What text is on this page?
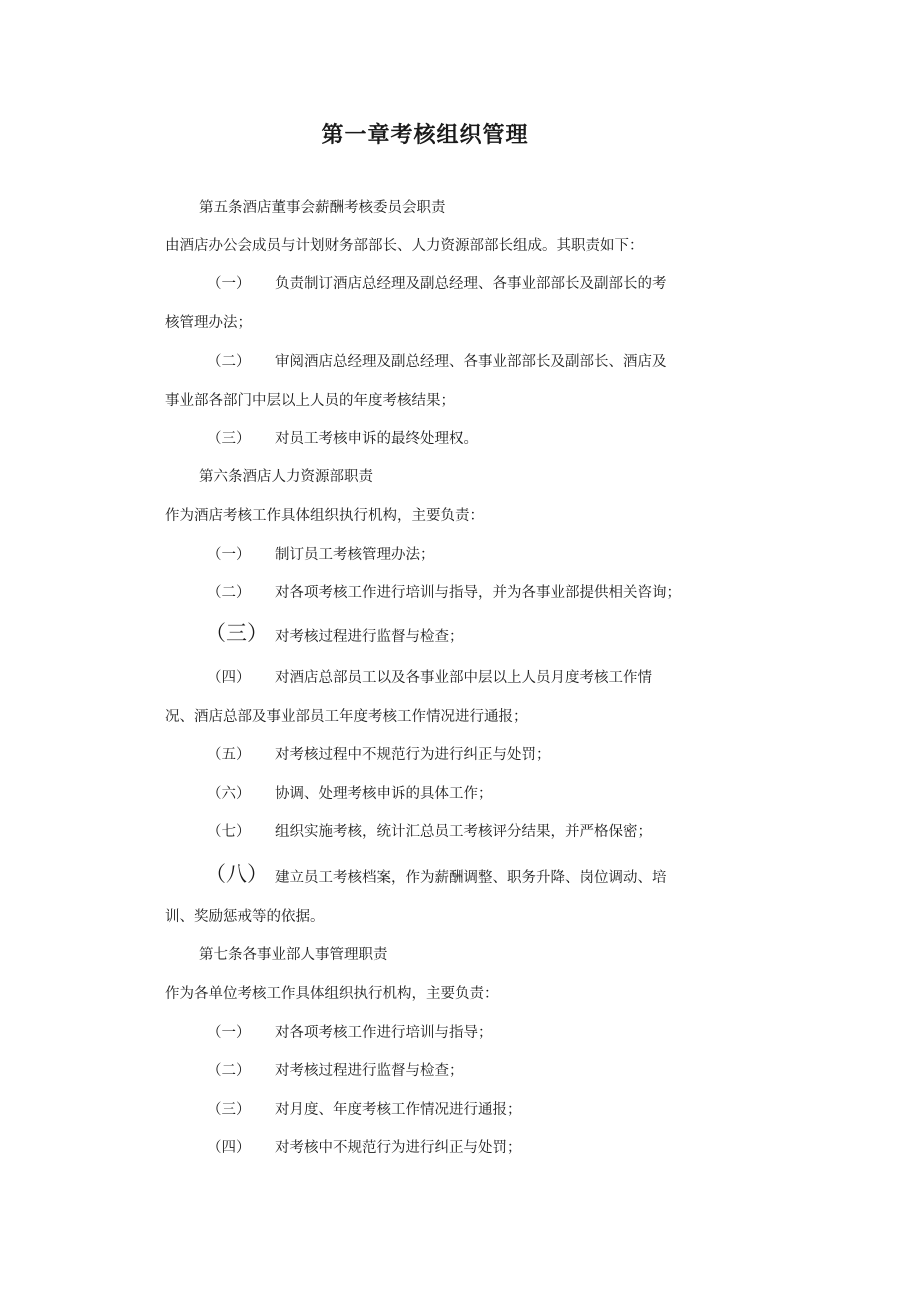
第一章考核组织管理
第五条酒店董事会薪酬考核委员会职责
由酒店办公会成员与计划财务部部长、人力资源部部长组成。其职责如下：
（一） 负责制订酒店总经理及副总经理、各事业部部长及副部长的考
核管理办法；
（二） 审阅酒店总经理及副总经理、各事业部部长及副部长、酒店及
事业部各部门中层以上人员的年度考核结果；
（三） 对员工考核申诉的最终处理权。
第六条酒店人力资源部职责
作为酒店考核工作具体组织执行机构，主要负责：
（一） 制订员工考核管理办法；
（二） 对各项考核工作进行培训与指导，并为各事业部提供相关咨询；
（三） 对考核过程进行监督与检查；
（四） 对酒店总部员工以及各事业部中层以上人员月度考核工作情
况、酒店总部及事业部员工年度考核工作情况进行通报；
（五） 对考核过程中不规范行为进行纠正与处罚；
（六） 协调、处理考核申诉的具体工作；
（七） 组织实施考核，统计汇总员工考核评分结果，并严格保密；
（八） 建立员工考核档案，作为薪酬调整、职务升降、岗位调动、培
训、奖励惩戒等的依据。
第七条各事业部人事管理职责
作为各单位考核工作具体组织执行机构，主要负责：
（一） 对各项考核工作进行培训与指导；
（二） 对考核过程进行监督与检查；
（三） 对月度、年度考核工作情况进行通报；
（四） 对考核中不规范行为进行纠正与处罚；
